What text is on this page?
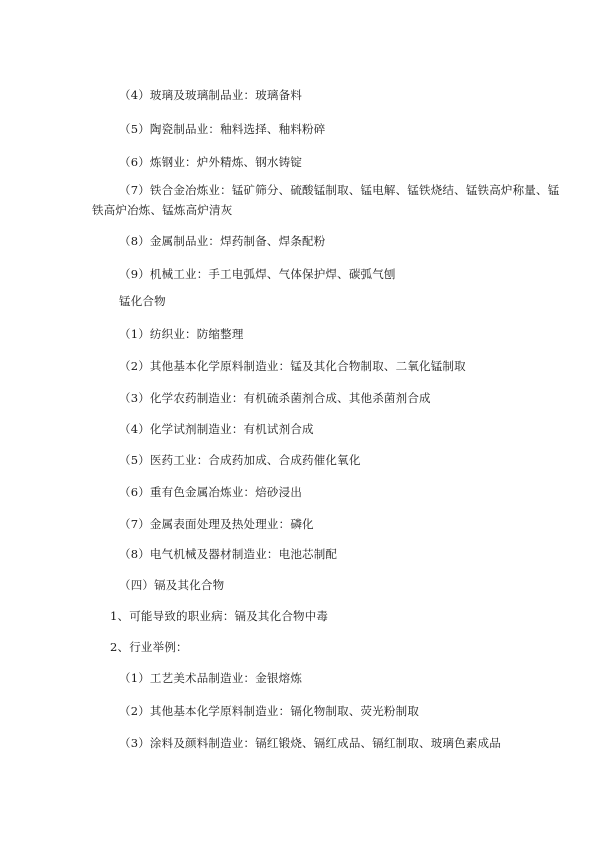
（4）玻璃及玻璃制品业：玻璃备料
（5）陶瓷制品业：釉料选择、釉料粉碎
（6）炼钢业：炉外精炼、钢水铸锭
（7）铁合金冶炼业：锰矿筛分、硫酸锰制取、锰电解、锰铁烧结、锰铁高炉称量、锰
铁高炉冶炼、锰炼高炉清灰
（8）金属制品业：焊药制备、焊条配粉
（9）机械工业：手工电弧焊、气体保护焊、碳弧气刨
锰化合物
（1）纺织业：防缩整理
（2）其他基本化学原料制造业：锰及其化合物制取、二氧化锰制取
（3）化学农药制造业：有机硫杀菌剂合成、其他杀菌剂合成
（4）化学试剂制造业：有机试剂合成
（5）医药工业：合成药加成、合成药催化氧化
（6）重有色金属冶炼业：焙砂浸出
（7）金属表面处理及热处理业：磷化
（8）电气机械及器材制造业：电池芯制配
（四）镉及其化合物
1、可能导致的职业病：镉及其化合物中毒
2、行业举例：
（1）工艺美术品制造业：金银熔炼
（2）其他基本化学原料制造业：镉化物制取、荧光粉制取
（3）涂料及颜料制造业：镉红锻烧、镉红成品、镉红制取、玻璃色素成品
